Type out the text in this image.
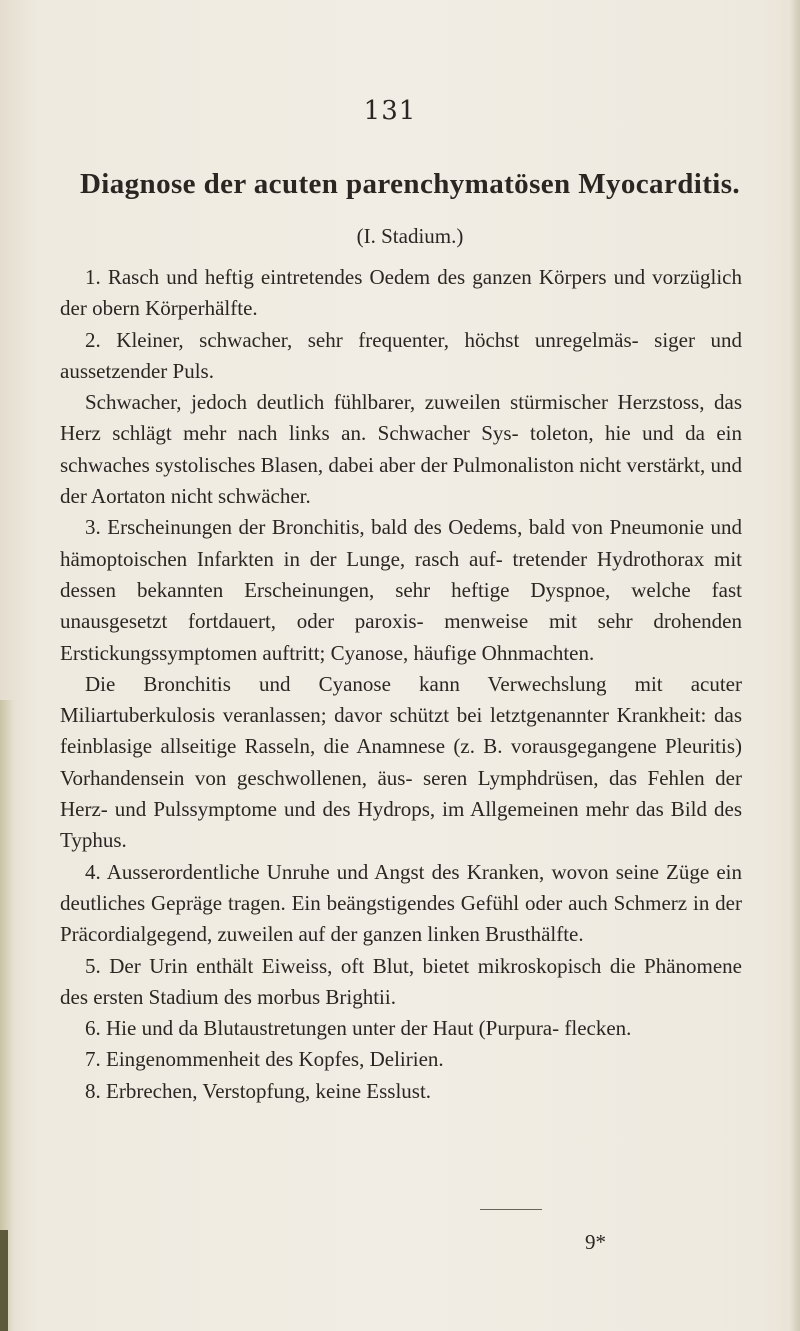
131
Diagnose der acuten parenchymatösen Myocarditis.
(I. Stadium.)

1. Rasch und heftig eintretendes Oedem des ganzen Körpers und vorzüglich der obern Körperhälfte.

2. Kleiner, schwacher, sehr frequenter, höchst unregelmäs- siger und aussetzender Puls.

Schwacher, jedoch deutlich fühlbarer, zuweilen stürmischer Herzstoss, das Herz schlägt mehr nach links an. Schwacher Sys- toleton, hie und da ein schwaches systolisches Blasen, dabei aber der Pulmonaliston nicht verstärkt, und der Aortaton nicht schwächer.

3. Erscheinungen der Bronchitis, bald des Oedems, bald von Pneumonie und hämoptoischen Infarkten in der Lunge, rasch auf- tretender Hydrothorax mit dessen bekannten Erscheinungen, sehr heftige Dyspnoe, welche fast unausgesetzt fortdauert, oder paroxis- menweise mit sehr drohenden Erstickungssymptomen auftritt; Cyanose, häufige Ohnmachten.

Die Bronchitis und Cyanose kann Verwechslung mit acuter Miliartuberkulosis veranlassen; davor schützt bei letztgenannter Krankheit: das feinblasige allseitige Rasseln, die Anamnese (z. B. vorausgegangene Pleuritis) Vorhandensein von geschwollenen, äus- seren Lymphdrüsen, das Fehlen der Herz- und Pulssymptome und des Hydrops, im Allgemeinen mehr das Bild des Typhus.

4. Ausserordentliche Unruhe und Angst des Kranken, wovon seine Züge ein deutliches Gepräge tragen. Ein beängstigendes Gefühl oder auch Schmerz in der Präcordialgegend, zuweilen auf der ganzen linken Brusthälfte.

5. Der Urin enthält Eiweiss, oft Blut, bietet mikroskopisch die Phänomene des ersten Stadium des morbus Brightii.

6. Hie und da Blutaustretungen unter der Haut (Purpura- flecken.

7. Eingenommenheit des Kopfes, Delirien.

8. Erbrechen, Verstopfung, keine Esslust.

9*
